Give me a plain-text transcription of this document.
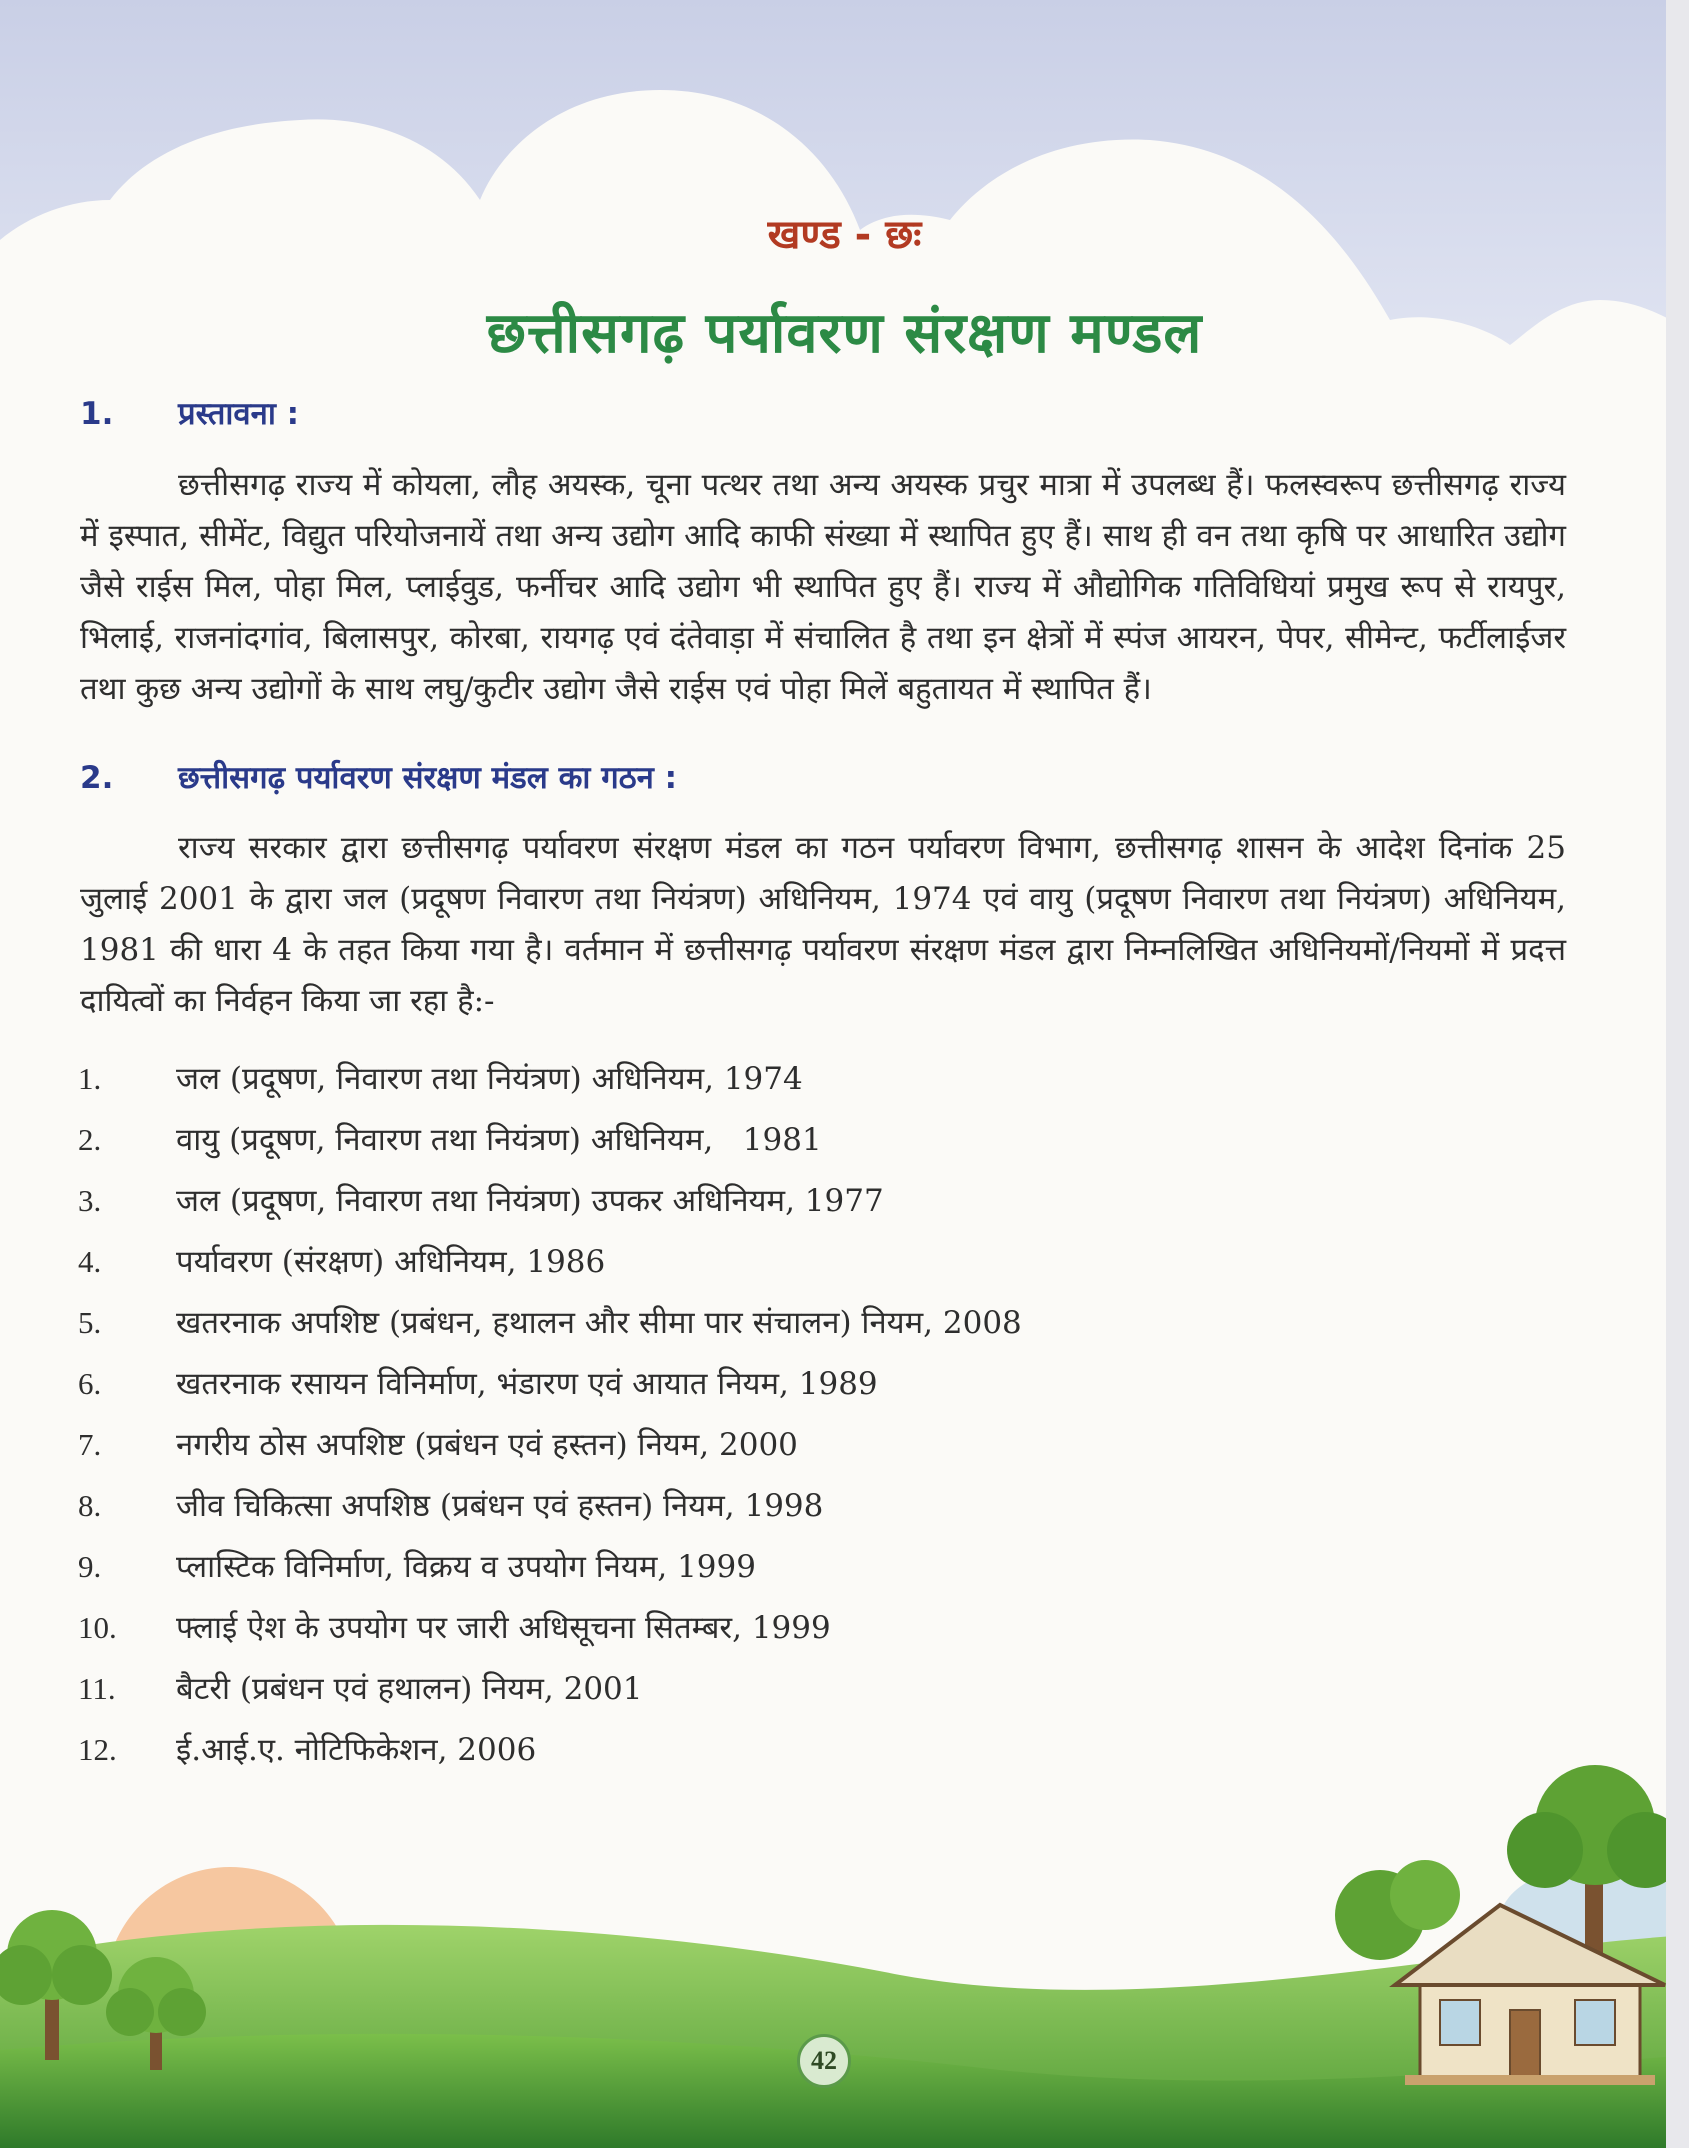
खण्ड - छः
छत्तीसगढ़ पर्यावरण संरक्षण मण्डल
1.	प्रस्तावना :

छत्तीसगढ़ राज्य में कोयला, लौह अयस्क, चूना पत्थर तथा अन्य अयस्क प्रचुर मात्रा में उपलब्ध हैं। फलस्वरूप छत्तीसगढ़ राज्य में इस्पात, सीमेंट, विद्युत परियोजनायें तथा अन्य उद्योग आदि काफी संख्या में स्थापित हुए हैं। साथ ही वन तथा कृषि पर आधारित उद्योग जैसे राईस मिल, पोहा मिल, प्लाईवुड, फर्नीचर आदि उद्योग भी स्थापित हुए हैं। राज्य में औद्योगिक गतिविधियां प्रमुख रूप से रायपुर, भिलाई, राजनांदगांव, बिलासपुर, कोरबा, रायगढ़ एवं दंतेवाड़ा में संचालित है तथा इन क्षेत्रों में स्पंज आयरन, पेपर, सीमेन्ट, फर्टीलाईजर तथा कुछ अन्य उद्योगों के साथ लघु/कुटीर उद्योग जैसे राईस एवं पोहा मिलें बहुतायत में स्थापित हैं।

2.	छत्तीसगढ़ पर्यावरण संरक्षण मंडल का गठन :

राज्य सरकार द्वारा छत्तीसगढ़ पर्यावरण संरक्षण मंडल का गठन पर्यावरण विभाग, छत्तीसगढ़ शासन के आदेश दिनांक 25 जुलाई 2001 के द्वारा जल (प्रदूषण निवारण तथा नियंत्रण) अधिनियम, 1974 एवं वायु (प्रदूषण निवारण तथा नियंत्रण) अधिनियम, 1981 की धारा 4 के तहत किया गया है। वर्तमान में छत्तीसगढ़ पर्यावरण संरक्षण मंडल द्वारा निम्नलिखित अधिनियमों/नियमों में प्रदत्त दायित्वों का निर्वहन किया जा रहा है:-

1.	जल (प्रदूषण, निवारण तथा नियंत्रण) अधिनियम, 1974
2.	वायु (प्रदूषण, निवारण तथा नियंत्रण) अधिनियम,   1981
3.	जल (प्रदूषण, निवारण तथा नियंत्रण) उपकर अधिनियम, 1977
4.	पर्यावरण (संरक्षण) अधिनियम, 1986
5.	खतरनाक अपशिष्ट (प्रबंधन, हथालन और सीमा पार संचालन) नियम, 2008
6.	खतरनाक रसायन विनिर्माण, भंडारण एवं आयात नियम, 1989
7.	नगरीय ठोस अपशिष्ट (प्रबंधन एवं हस्तन) नियम, 2000
8.	जीव चिकित्सा अपशिष्ठ (प्रबंधन एवं हस्तन) नियम, 1998
9.	प्लास्टिक विनिर्माण, विक्रय व उपयोग नियम, 1999
10.	फ्लाई ऐश के उपयोग पर जारी अधिसूचना सितम्बर, 1999
11.	बैटरी (प्रबंधन एवं हथालन) नियम, 2001
12.	ई.आई.ए. नोटिफिकेशन, 2006
42
